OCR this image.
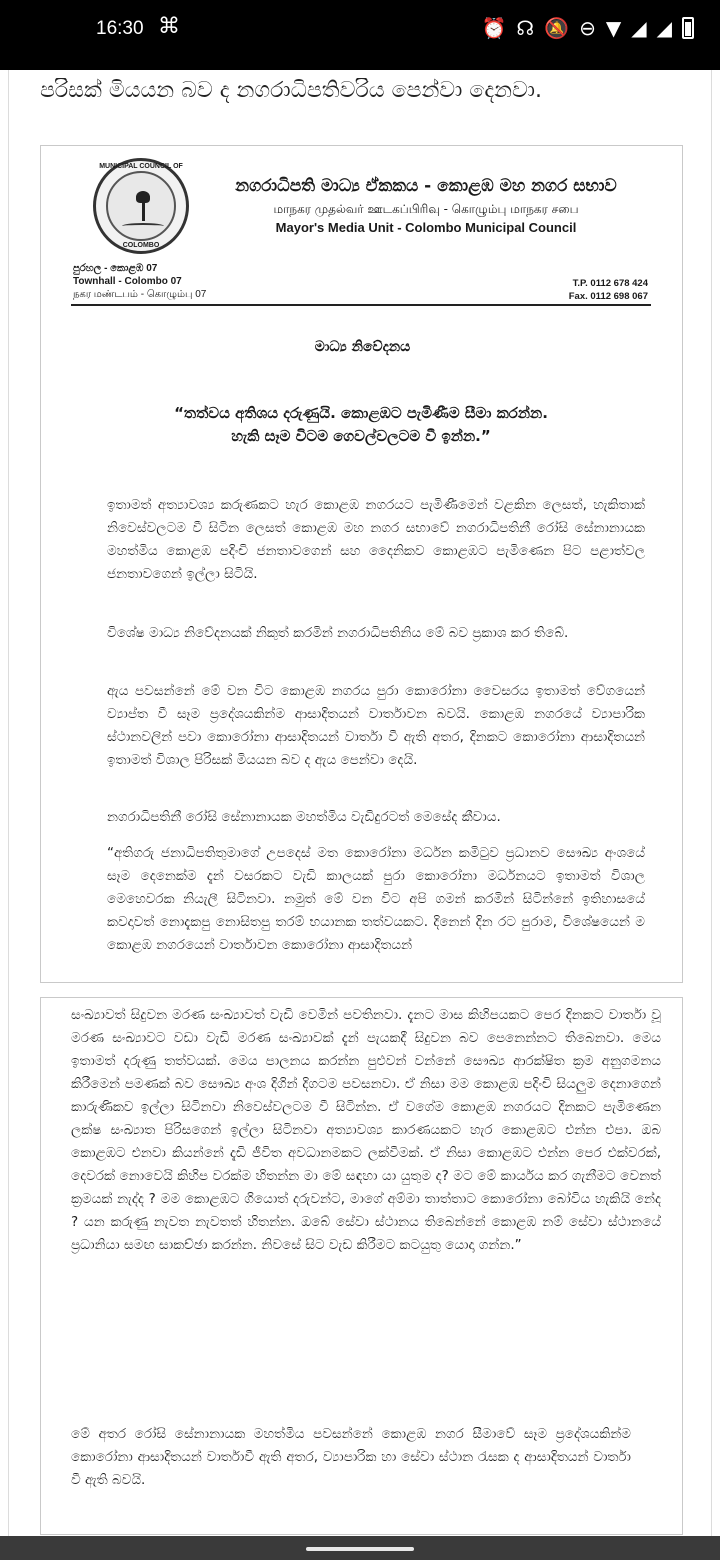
16:30 ⌘	⏰ ☊ 🔕 ⊖ ▼ ◢ ◢
පරිසක් මියයන බව ද නගරාධිපතිවරිය පෙන්වා දෙනවා.
MUNICIPAL COUNCIL OF
COLOMBO
නගරාධිපති මාධ්‍ය ඒකකය - කොළඹ මහ නගර සභාව
மாநகர முதல்வர் ஊடகப்பிரிவு - கொழும்பு மாநகர சபை
Mayor's Media Unit - Colombo Municipal Council
පුරහල - කොළඹ 07
Townhall - Colombo 07
நகர மண்டபம் - கொழும்பு 07
T.P. 0112 678 424
Fax. 0112 698 067
මාධ්‍ය නිවේදනය
“තත්වය අතිශය දරුණුයි. කොළඹට පැමිණීම සීමා කරන්න.
හැකි සෑම විටම ගෙවල්වලටම වී ඉන්න.”
ඉතාමත් අත්‍යාවශ්‍ය කරුණකට හැර කොළඹ නගරයට පැමිණීමෙන් වළකින ලෙසත්, හැකිතාක් නිවෙස්වලටම වී සිටින ලෙසත් කොළඹ මහ නගර සභාවේ නගරාධිපතිනී රෝසි සේනානායක මහත්මිය කොළඹ පදිංචි ජනතාවගෙන් සහ දෛනිකව කොළඹට පැමිණෙන පිට පළාත්වල ජනතාවගෙන් ඉල්ලා සිටියි.
විශේෂ මාධ්‍ය නිවේදනයක් නිකුත් කරමින් නගරාධිපතිනිය මේ බව ප්‍රකාශ කර තිබේ.
ඇය පවසන්නේ මේ වන විට කොළඹ නගරය පුරා කොරෝනා වෛසරය ඉතාමත් වේගයෙන් ව්‍යාප්ත වී සෑම ප්‍රදේශයකින්ම ආසාදිතයන් වාර්තාවන බවයි. කොළඹ නගරයේ ව්‍යාපාරික ස්ථානවලින් පවා කොරෝනා ආසාදිතයන් වාර්තා වී ඇති අතර, දිනකට කොරෝනා ආසාදිතයන් ඉතාමත් විශාල පිරිසක් මියයන බව ද ඇය පෙන්වා දෙයි.
නගරාධිපතිනී රෝසි සේනානායක මහත්මිය වැඩිදුරටත් මෙසේද කීවාය.
“අතිගරු ජනාධිපතිතුමාගේ උපදෙස් මත කොරෝනා මර්ධන කමිටුව ප්‍රධානව සෞඛ්‍ය අංශයේ සෑම දෙනෙක්ම දැන් වසරකට වැඩි කාලයක් පුරා කොරෝනා මර්ධනයට ඉතාමත් විශාල මෙහෙවරක නියැලී සිටිනවා. නමුත් මේ වන විට අපි ගමන් කරමින් සිටින්නේ ඉතිහාසයේ කවදාවත් නොදැකපු නොසිතපු තරම් භයානක තත්වයකට. දිනෙන් දින රට පුරාම, විශේෂයෙන් ම කොළඹ නගරයෙන් වාර්තාවන කොරෝනා ආසාදිතයන්
සංඛ්‍යාවත් සිදුවන මරණ සංඛ්‍යාවත් වැඩි වෙමින් පවතිනවා. දැනට මාස කිහිපයකට පෙර දිනකට වාර්තා වූ මරණ සංඛ්‍යාවට වඩා වැඩි මරණ සංඛ්‍යාවක් දැන් පැයකදී සිදුවන බව පෙනෙන්නට තිබෙනවා. මෙය ඉතාමත් දරුණු තත්වයක්. මෙය පාලනය කරන්න පුළුවන් වන්නේ සෞඛ්‍ය ආරක්ෂිත ක්‍රම අනුගමනය කිරීමෙන් පමණක් බව සෞඛ්‍ය අංශ දිගින් දිගටම පවසනවා. ඒ නිසා මම කොළඹ පදිංචි සියලුම දෙනාගෙන් කාරුණිකව ඉල්ලා සිටිනවා නිවෙස්වලටම වී සිටින්න. ඒ වගේම කොළඹ නගරයට දිනකට පැමිණෙන ලක්ෂ සංඛ්‍යාත පිරිසගෙන් ඉල්ලා සිටිනවා අත්‍යාවශ්‍ය කාරණයකට හැර කොළඹට එන්න එපා. ඔබ කොළඹට එනවා කියන්නේ දැඩි ජීවිත අවධානමකට ලක්වීමක්. ඒ නිසා කොළඹට එන්න පෙර එක්වරක්, දෙවරක් නොවෙයි කිහිප වරක්ම හිතන්න මා මේ සඳහා යා යුතුම ද? මට මේ කාර්යය කර ගැනීමට වෙනත් ක්‍රමයක් නැද්ද ? මම කොළඹට ගියොත් දරුවන්ට, මාගේ අම්මා තාත්තාට කොරෝනා බෝවිය හැකියි නේද ? යන කරුණු නැවත නැවතත් හිතන්න. ඔබේ සේවා ස්ථානය තිබෙන්නේ කොළඹ නම් සේවා ස්ථානයේ ප්‍රධානියා සමඟ සාකච්ඡා කරන්න. නිවසේ සිට වැඩ කිරීමට කටයුතු යොදා ගන්න.”
මේ අතර රෝසි සේනානායක මහත්මිය පවසන්නේ කොළඹ නගර සීමාවේ සෑම ප්‍රදේශයකින්ම කොරෝනා ආසාදිතයන් වාර්තාවී ඇති අතර, ව්‍යාපාරික හා සේවා ස්ථාන රැසක ද ආසාදිතයන් වාර්තා වී ඇති බවයි.
